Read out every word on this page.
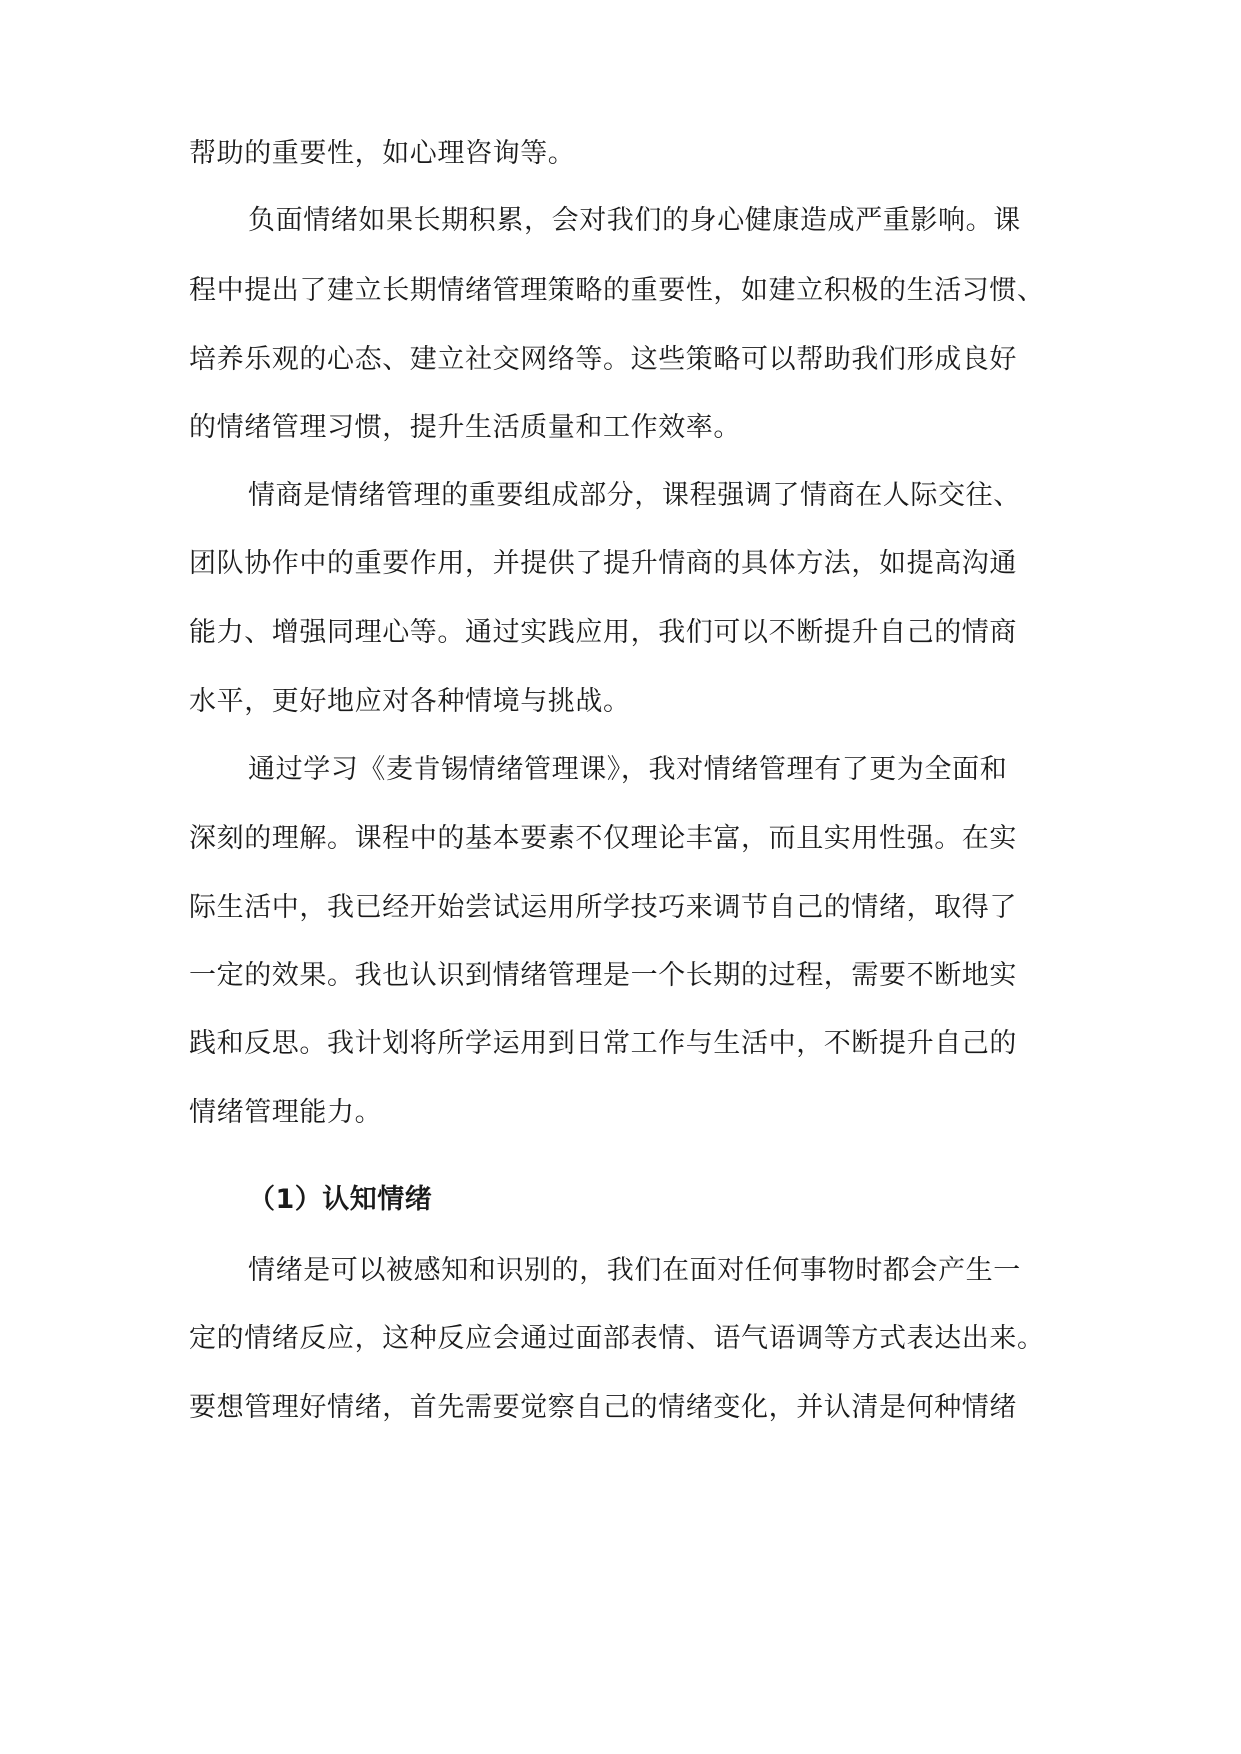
帮助的重要性，如心理咨询等。

负面情绪如果长期积累，会对我们的身心健康造成严重影响。课

程中提出了建立长期情绪管理策略的重要性，如建立积极的生活习惯、

培养乐观的心态、建立社交网络等。这些策略可以帮助我们形成良好

的情绪管理习惯，提升生活质量和工作效率。

情商是情绪管理的重要组成部分，课程强调了情商在人际交往、

团队协作中的重要作用，并提供了提升情商的具体方法，如提高沟通

能力、增强同理心等。通过实践应用，我们可以不断提升自己的情商

水平，更好地应对各种情境与挑战。

通过学习《麦肯锡情绪管理课》，我对情绪管理有了更为全面和

深刻的理解。课程中的基本要素不仅理论丰富，而且实用性强。在实

际生活中，我已经开始尝试运用所学技巧来调节自己的情绪，取得了

一定的效果。我也认识到情绪管理是一个长期的过程，需要不断地实

践和反思。我计划将所学运用到日常工作与生活中，不断提升自己的

情绪管理能力。

（1）认知情绪

情绪是可以被感知和识别的，我们在面对任何事物时都会产生一

定的情绪反应，这种反应会通过面部表情、语气语调等方式表达出来。

要想管理好情绪，首先需要觉察自己的情绪变化，并认清是何种情绪
